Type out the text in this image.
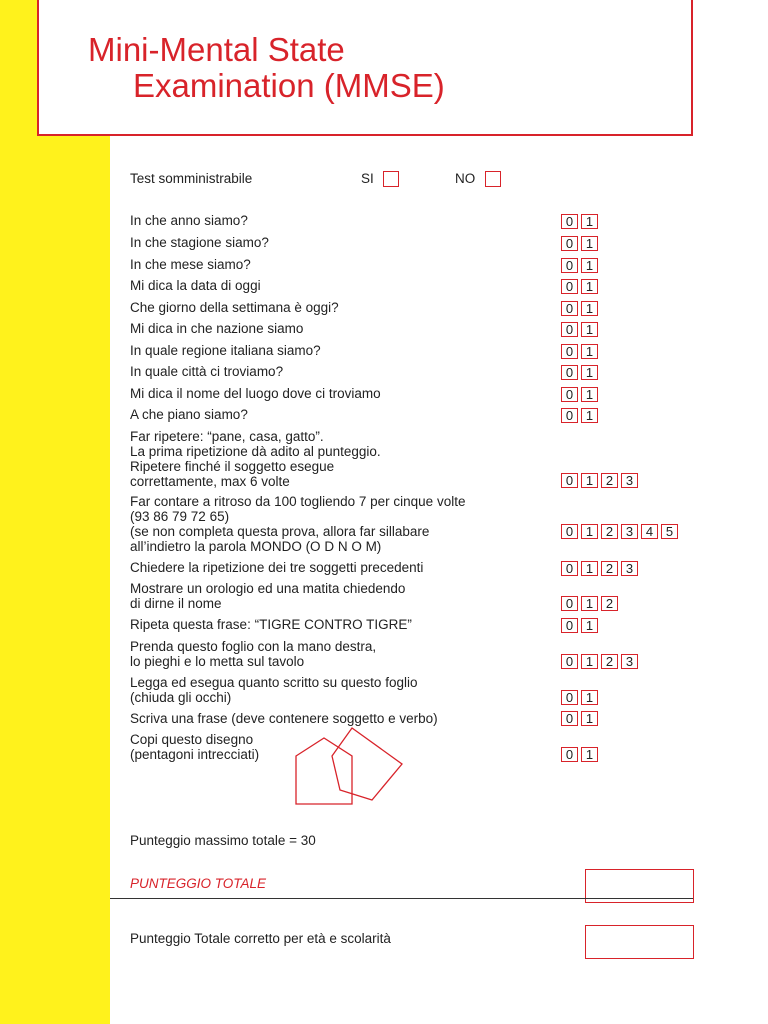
Mini-Mental State
Examination (MMSE)

Test somministrabile	SI	NO
In che anno siamo?	0 1
In che stagione siamo?	0 1
In che mese siamo?	0 1
Mi dica la data di oggi	0 1
Che giorno della settimana è oggi?	0 1
Mi dica in che nazione siamo	0 1
In quale regione italiana siamo?	0 1
In quale città ci troviamo?	0 1
Mi dica il nome del luogo dove ci troviamo	0 1
A che piano siamo?	0 1
Far ripetere: “pane, casa, gatto”.
La prima ripetizione dà adito al punteggio.
Ripetere finché il soggetto esegue
correttamente, max 6 volte	0 1 2 3
Far contare a ritroso da 100 togliendo 7 per cinque volte
(93 86 79 72 65)
(se non completa questa prova, allora far sillabare
all’indietro la parola MONDO (O D N O M)
0 1 2 3 4 5
Chiedere la ripetizione dei tre soggetti precedenti	0 1 2 3
Mostrare un orologio ed una matita chiedendo
di dirne il nome	0 1 2
Ripeta questa frase: “TIGRE CONTRO TIGRE”	0 1
Prenda questo foglio con la mano destra,
lo pieghi e lo metta sul tavolo	0 1 2 3
Legga ed esegua quanto scritto su questo foglio
(chiuda gli occhi)	0 1
Scriva una frase (deve contenere soggetto e verbo)	0 1
Copi questo disegno
(pentagoni intrecciati)	0 1

Punteggio massimo totale = 30

PUNTEGGIO TOTALE

Punteggio Totale corretto per età e scolarità
